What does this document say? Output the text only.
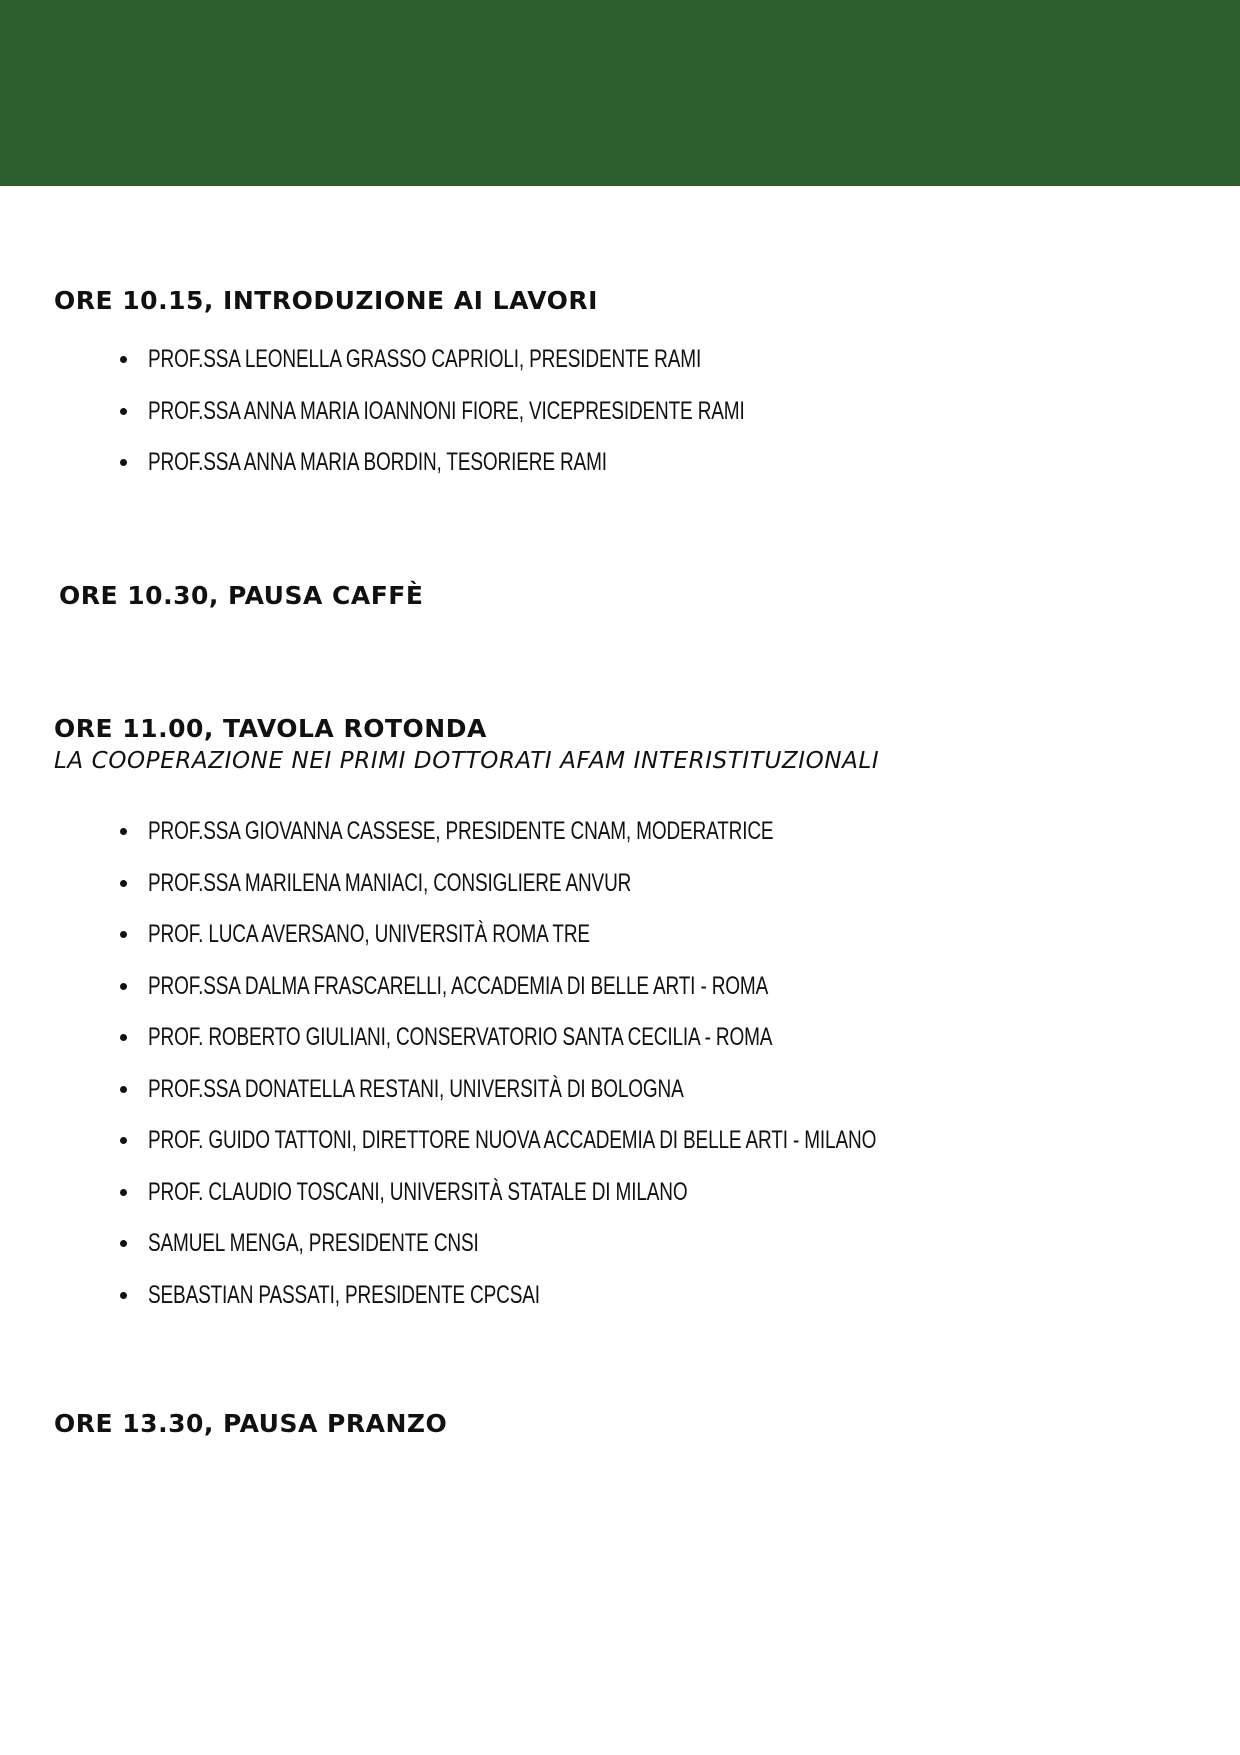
ORE 10.15, INTRODUZIONE AI LAVORI
PROF.SSA LEONELLA GRASSO CAPRIOLI, PRESIDENTE RAMI
PROF.SSA ANNA MARIA IOANNONI FIORE, VICEPRESIDENTE RAMI
PROF.SSA ANNA MARIA BORDIN, TESORIERE RAMI
ORE 10.30, PAUSA CAFFÈ
ORE 11.00, TAVOLA ROTONDA

LA COOPERAZIONE NEI PRIMI DOTTORATI AFAM INTERISTITUZIONALI

PROF.SSA GIOVANNA CASSESE, PRESIDENTE CNAM, MODERATRICE
PROF.SSA MARILENA MANIACI, CONSIGLIERE ANVUR
PROF. LUCA AVERSANO, UNIVERSITÀ ROMA TRE
PROF.SSA DALMA FRASCARELLI, ACCADEMIA DI BELLE ARTI - ROMA
PROF. ROBERTO GIULIANI, CONSERVATORIO SANTA CECILIA - ROMA
PROF.SSA DONATELLA RESTANI, UNIVERSITÀ DI BOLOGNA
PROF. GUIDO TATTONI, DIRETTORE NUOVA ACCADEMIA DI BELLE ARTI - MILANO
PROF. CLAUDIO TOSCANI, UNIVERSITÀ STATALE DI MILANO
SAMUEL MENGA, PRESIDENTE CNSI
SEBASTIAN PASSATI, PRESIDENTE CPCSAI
ORE 13.30, PAUSA PRANZO
